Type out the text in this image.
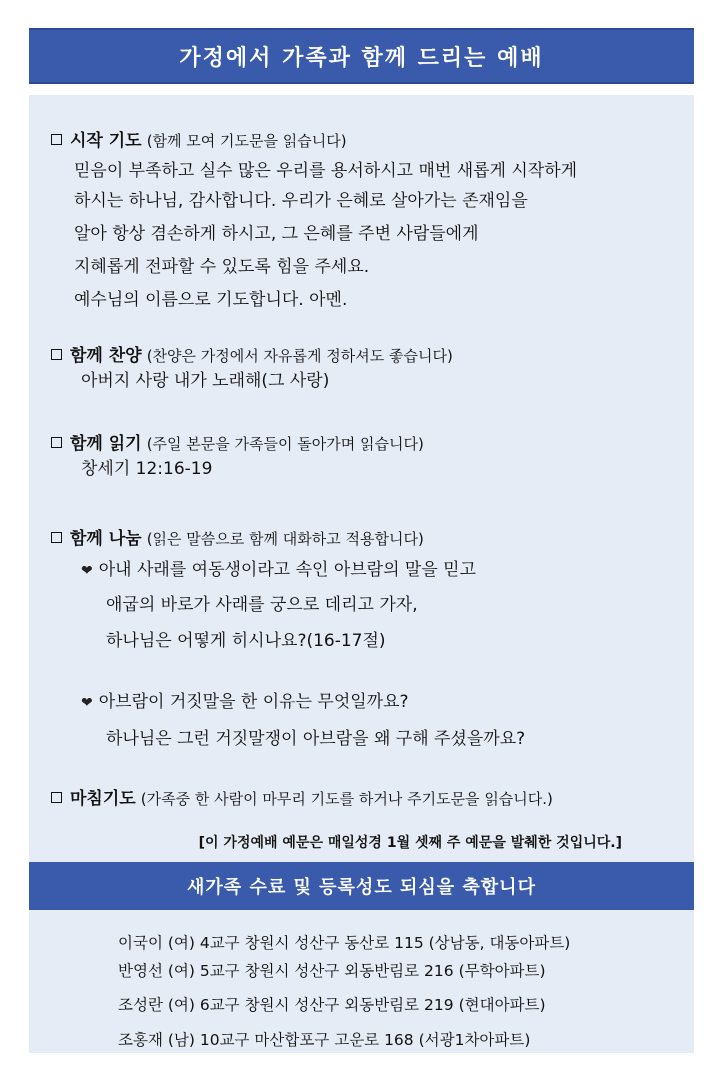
가정에서 가족과 함께 드리는 예배
시작 기도 (함께 모여 기도문을 읽습니다)
믿음이 부족하고 실수 많은 우리를 용서하시고 매번 새롭게 시작하게
하시는 하나님, 감사합니다. 우리가 은혜로 살아가는 존재임을
알아 항상 겸손하게 하시고, 그 은혜를 주변 사람들에게
지혜롭게 전파할 수 있도록 힘을 주세요.
예수님의 이름으로 기도합니다. 아멘.
함께 찬양 (찬양은 가정에서 자유롭게 정하셔도 좋습니다)
아버지 사랑 내가 노래해(그 사랑)
함께 읽기 (주일 본문을 가족들이 돌아가며 읽습니다)
창세기 12:16-19
함께 나눔 (읽은 말씀으로 함께 대화하고 적용합니다)
❤ 아내 사래를 여동생이라고 속인 아브람의 말을 믿고
애굽의 바로가 사래를 궁으로 데리고 가자,
하나님은 어떻게 히시나요?(16-17절)
❤ 아브람이 거짓말을 한 이유는 무엇일까요?
하나님은 그런 거짓말쟁이 아브람을 왜 구해 주셨을까요?
마침기도 (가족중 한 사람이 마무리 기도를 하거나 주기도문을 읽습니다.)
[이 가정예배 예문은 매일성경 1월 셋째 주 예문을 발췌한 것입니다.]
이국이 (여) 4교구 창원시 성산구 동산로 115 (상남동, 대동아파트)
반영선 (여) 5교구 창원시 성산구 외동반림로 216 (무학아파트)
조성란 (여) 6교구 창원시 성산구 외동반림로 219 (현대아파트)
조홍재 (남) 10교구 마산합포구 고운로 168 (서광1차아파트)
새가족 수료 및 등록성도 되심을 축합니다
